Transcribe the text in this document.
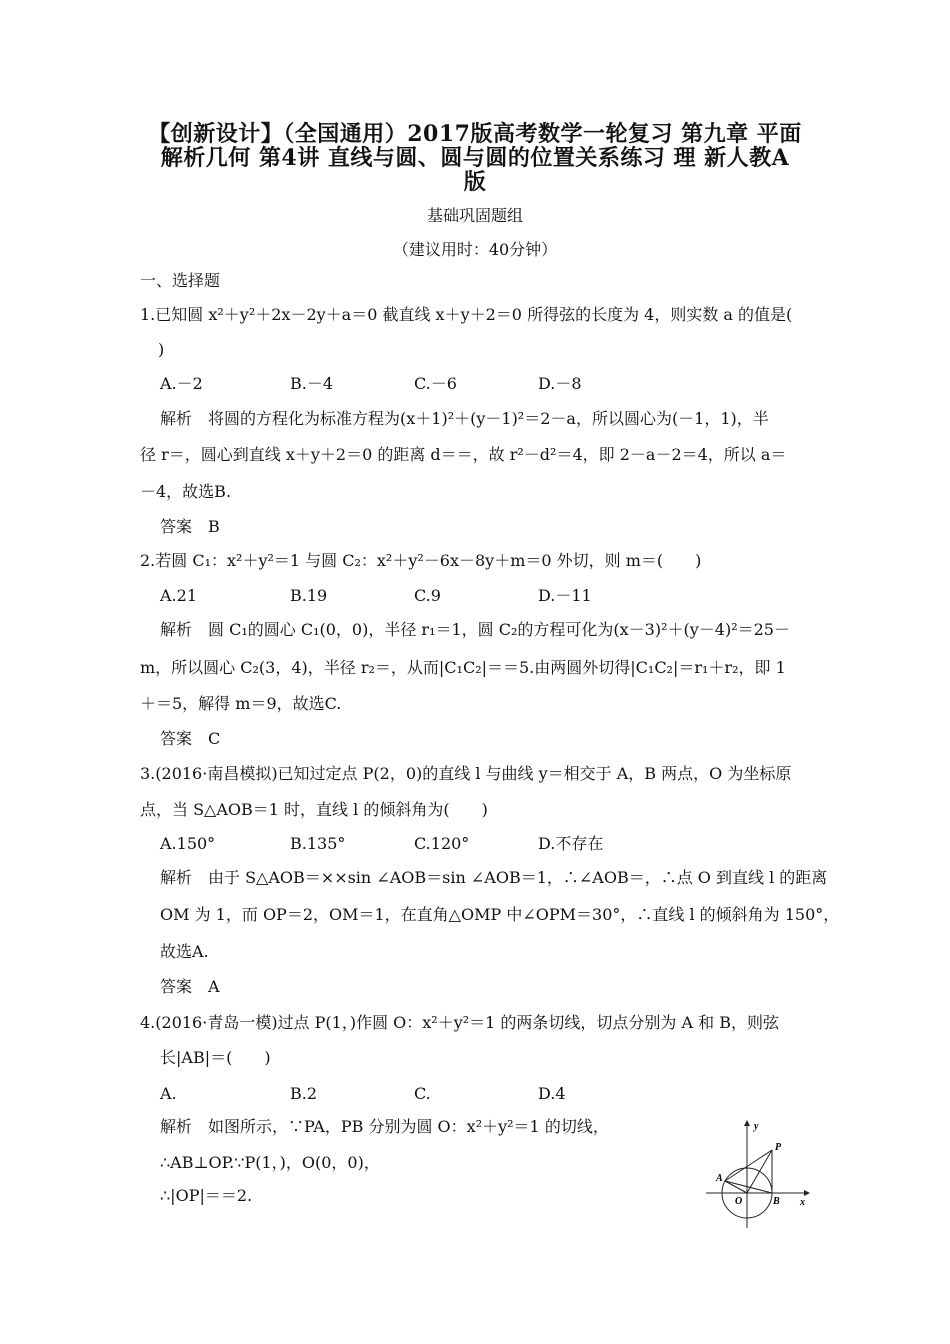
【创新设计】（全国通用）2017版高考数学一轮复习 第九章 平面
解析几何 第4讲 直线与圆、圆与圆的位置关系练习 理 新人教A
版
基础巩固题组
（建议用时：40分钟）
一、选择题
1.已知圆 x²＋y²＋2x－2y＋a＝0 截直线 x＋y＋2＝0 所得弦的长度为 4，则实数 a 的值是(
)
A.－2	B.－4	C.－6	D.－8
解析　将圆的方程化为标准方程为(x＋1)²＋(y－1)²＝2－a，所以圆心为(－1，1)，半
径 r＝，圆心到直线 x＋y＋2＝0 的距离 d＝＝，故 r²－d²＝4，即 2－a－2＝4，所以 a＝
－4，故选B.
答案　B
2.若圆 C₁：x²＋y²＝1 与圆 C₂：x²＋y²－6x－8y＋m＝0 外切，则 m＝(　　)
A.21	B.19	C.9	D.－11
解析　圆 C₁的圆心 C₁(0，0)，半径 r₁＝1，圆 C₂的方程可化为(x－3)²＋(y－4)²＝25－
m，所以圆心 C₂(3，4)，半径 r₂＝，从而|C₁C₂|＝＝5.由两圆外切得|C₁C₂|＝r₁＋r₂，即 1
＋＝5，解得 m＝9，故选C.
答案　C
3.(2016·南昌模拟)已知过定点 P(2，0)的直线 l 与曲线 y＝相交于 A，B 两点，O 为坐标原
点，当 S△AOB＝1 时，直线 l 的倾斜角为(　　)
A.150°	B.135°	C.120°	D.不存在
解析　由于 S△AOB＝××sin ∠AOB＝sin ∠AOB＝1，∴∠AOB＝，∴点 O 到直线 l 的距离
OM 为 1，而 OP＝2，OM＝1，在直角△OMP 中∠OPM＝30°，∴直线 l 的倾斜角为 150°，
故选A.
答案　A
4.(2016·青岛一模)过点 P(1，)作圆 O：x²＋y²＝1 的两条切线，切点分别为 A 和 B，则弦
长|AB|＝(　　)
A.	B.2	C.	D.4
解析　如图所示，∵PA，PB 分别为圆 O：x²＋y²＝1 的切线，
∴AB⊥OP.∵P(1，)，O(0，0)，
∴|OP|＝＝2.
y
x
P
A
O	B
